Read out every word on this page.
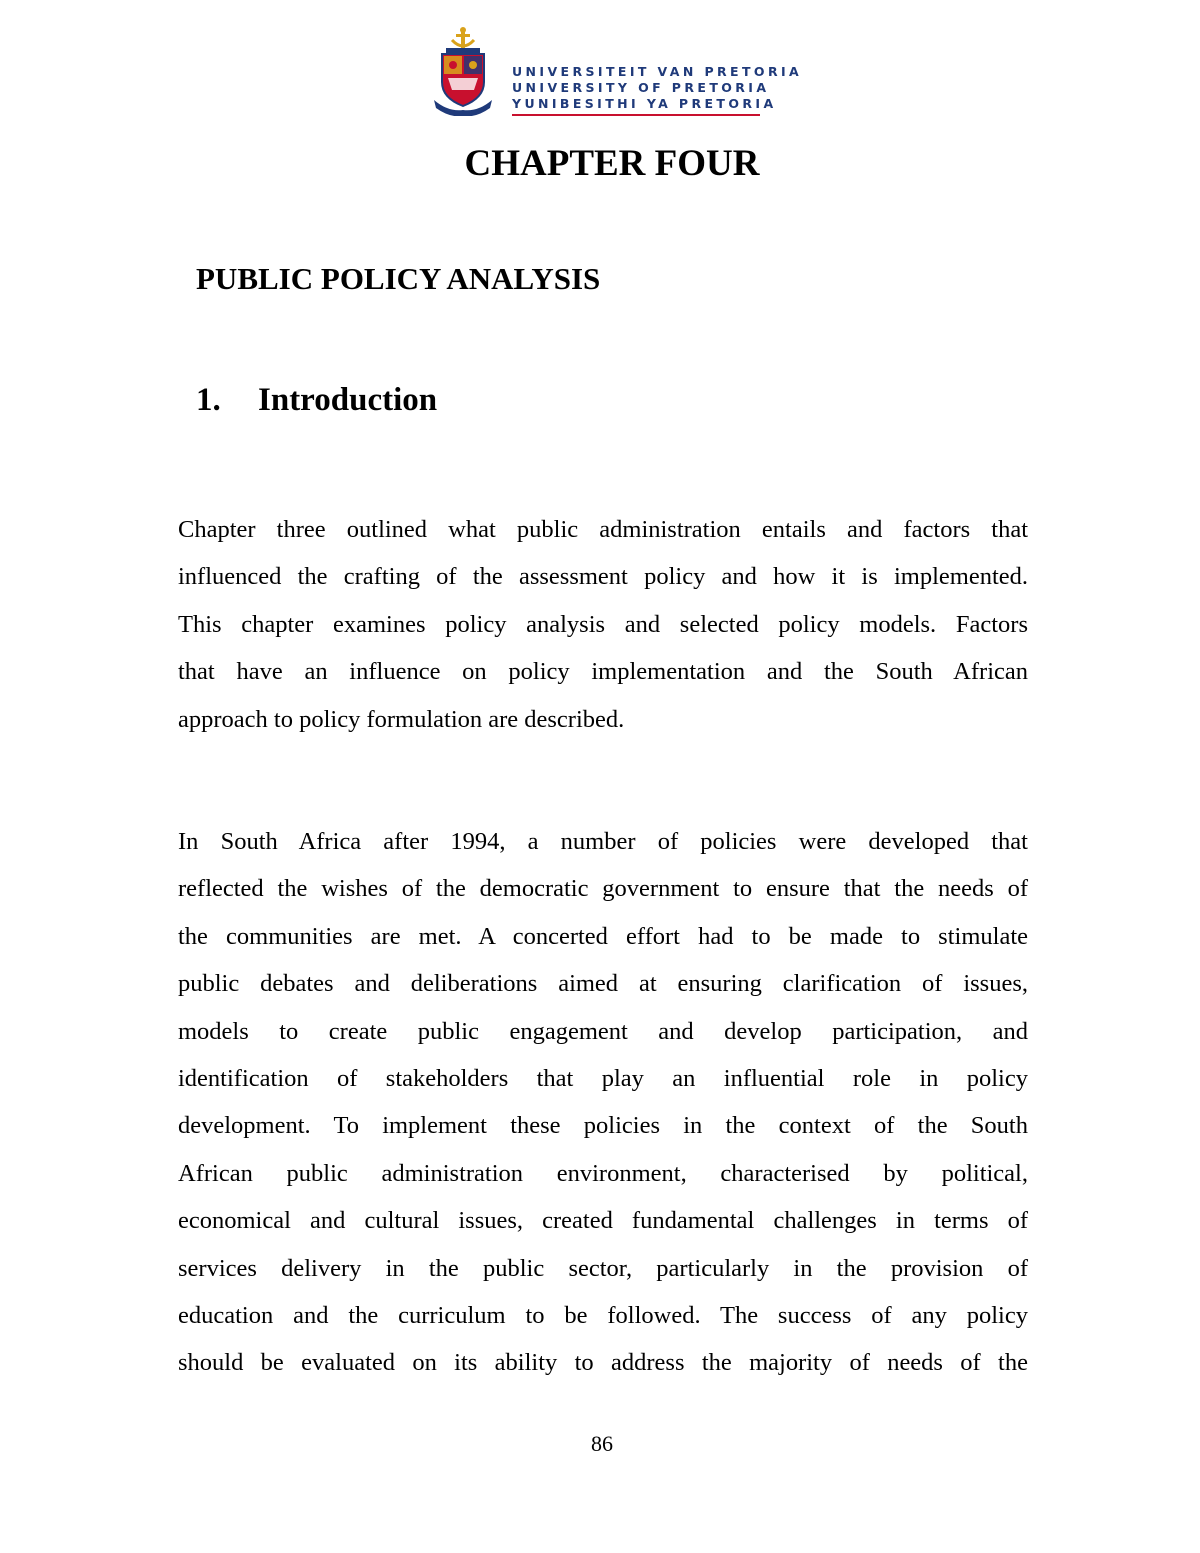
UNIVERSITEIT VAN PRETORIA
UNIVERSITY OF PRETORIA
YUNIBESITHI YA PRETORIA
CHAPTER FOUR
PUBLIC POLICY ANALYSIS
1. Introduction
Chapter three outlined what public administration entails and factors that
influenced the crafting of the assessment policy and how it is implemented.
This chapter examines policy analysis and selected policy models. Factors
that have an influence on policy implementation and the South African
approach to policy formulation are described.
In South Africa after 1994, a number of policies were developed that
reflected the wishes of the democratic government to ensure that the needs of
the communities are met. A concerted effort had to be made to stimulate
public debates and deliberations aimed at ensuring clarification of issues,
models to create public engagement and develop participation, and
identification of stakeholders that play an influential role in policy
development. To implement these policies in the context of the South
African public administration environment, characterised by political,
economical and cultural issues, created fundamental challenges in terms of
services delivery in the public sector, particularly in the provision of
education and the curriculum to be followed. The success of any policy
should be evaluated on its ability to address the majority of needs of the
86
